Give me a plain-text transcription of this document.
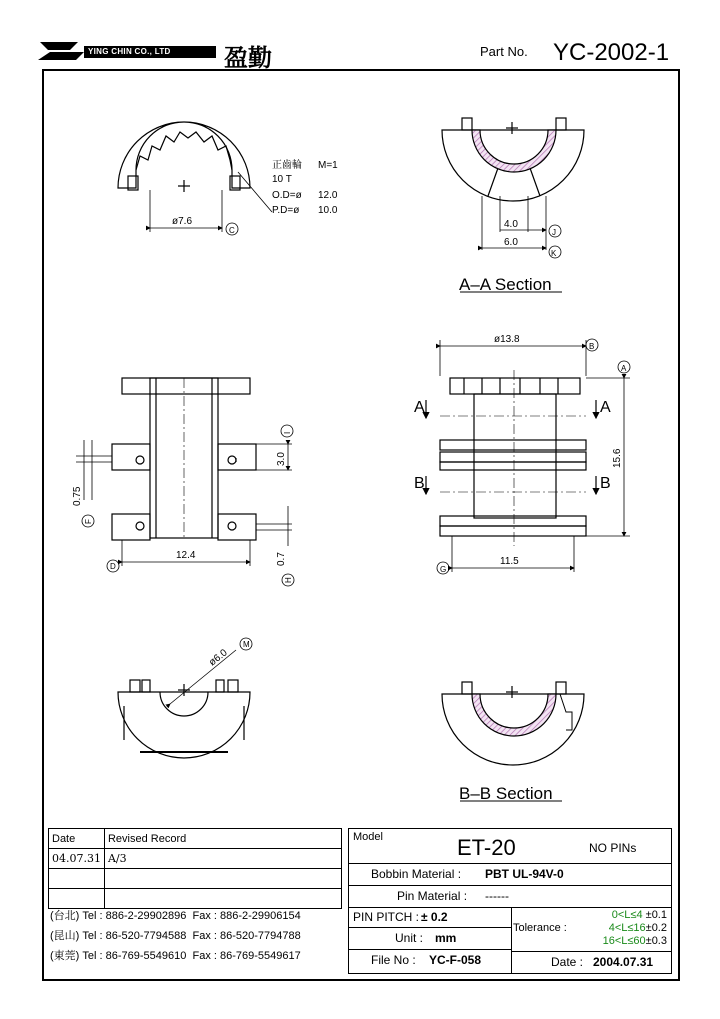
YING CHIN CO., LTD 盈勤	Part No. YC-2002-1
正齒輪 M=1
10 T
O.D=ø 12.0
P.D=ø 10.0
ø7.6
C
4.0
J
6.0
K
A–A Section
ø13.8
B
A
A	A
B	B
15.6
11.5
G
3.0
I
0.75
F
12.4
D
0.7
H
ø6.0
M
B–B Section
Date	Revised Record
04.07.31	A/3

(台北) Tel : 886-2-29902896 Fax : 886-2-29906154
(昆山) Tel : 86-520-7794588 Fax : 86-520-7794788
(東莞) Tel : 86-769-5549610 Fax : 86-769-5549617
Model	ET-20	NO PINs
Bobbin Material : PBT UL-94V-0
Pin Material : ------
PIN PITCH : ± 0.2
Unit : mm
File No : YC-F-058
Tolerance :
0<L≤4 ±0.1
4<L≤16±0.2
16<L≤60±0.3
Date : 2004.07.31
